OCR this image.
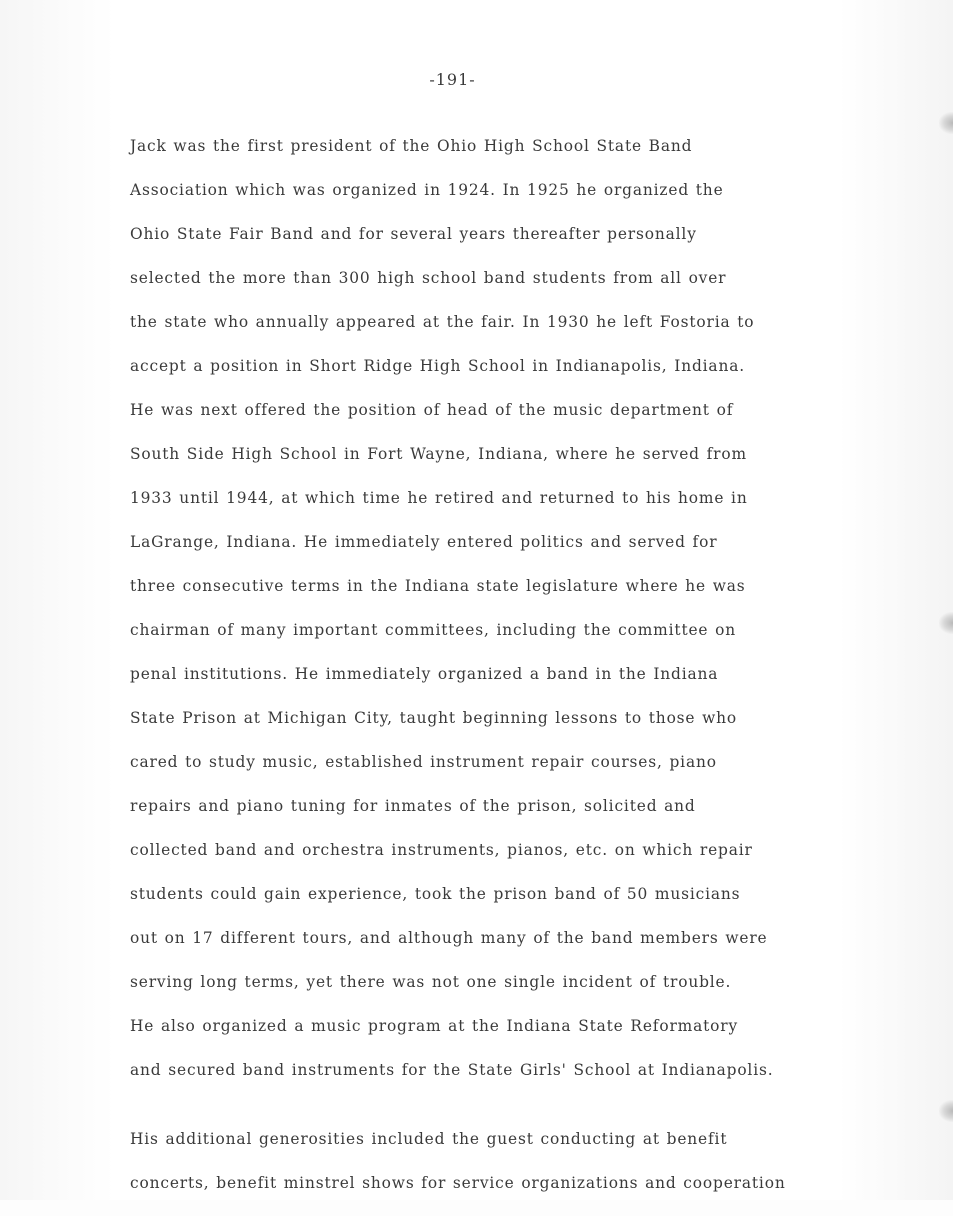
-191-
Jack was the first president of the Ohio High School State Band
Association which was organized in 1924. In 1925 he organized the
Ohio State Fair Band and for several years thereafter personally
selected the more than 300 high school band students from all over
the state who annually appeared at the fair. In 1930 he left Fostoria to
accept a position in Short Ridge High School in Indianapolis, Indiana.
He was next offered the position of head of the music department of
South Side High School in Fort Wayne, Indiana, where he served from
1933 until 1944, at which time he retired and returned to his home in
LaGrange, Indiana. He immediately entered politics and served for
three consecutive terms in the Indiana state legislature where he was
chairman of many important committees, including the committee on
penal institutions. He immediately organized a band in the Indiana
State Prison at Michigan City, taught beginning lessons to those who
cared to study music, established instrument repair courses, piano
repairs and piano tuning for inmates of the prison, solicited and
collected band and orchestra instruments, pianos, etc. on which repair
students could gain experience, took the prison band of 50 musicians
out on 17 different tours, and although many of the band members were
serving long terms, yet there was not one single incident of trouble.
He also organized a music program at the Indiana State Reformatory
and secured band instruments for the State Girls' School at Indianapolis.
His additional generosities included the guest conducting at benefit
concerts, benefit minstrel shows for service organizations and cooperation
